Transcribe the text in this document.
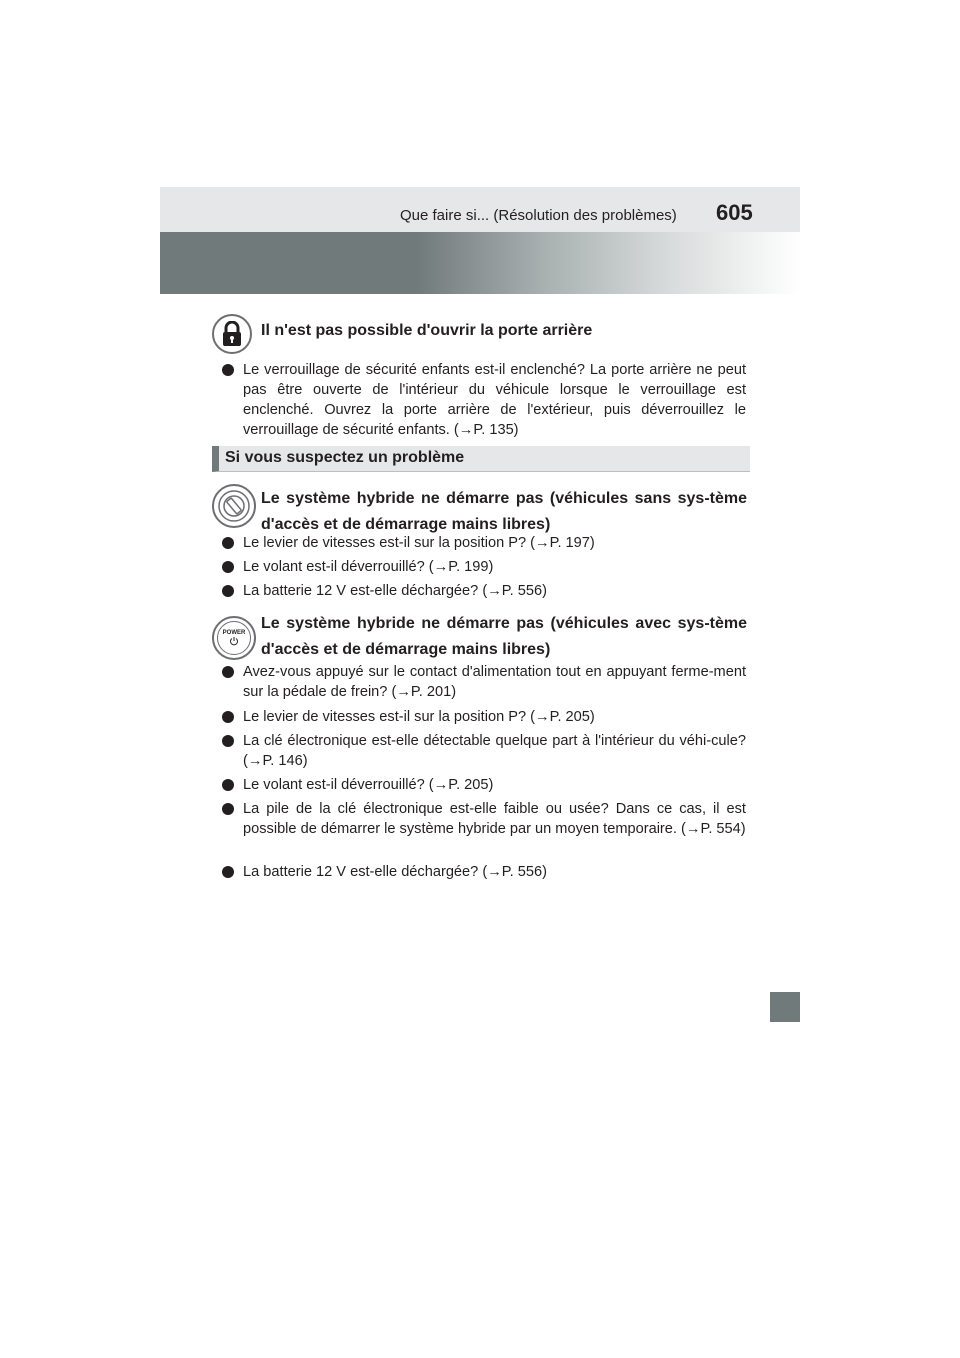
Que faire si... (Résolution des problèmes) 605
Il n'est pas possible d'ouvrir la porte arrière
Le verrouillage de sécurité enfants est-il enclenché? La porte arrière ne peut pas être ouverte de l'intérieur du véhicule lorsque le verrouillage est enclenché. Ouvrez la porte arrière de l'extérieur, puis déverrouillez le verrouillage de sécurité enfants. (→P. 135)
Si vous suspectez un problème
Le système hybride ne démarre pas (véhicules sans sys-tème d'accès et de démarrage mains libres)
Le levier de vitesses est-il sur la position P? (→P. 197)
Le volant est-il déverrouillé? (→P. 199)
La batterie 12 V est-elle déchargée? (→P. 556)
POWER
Le système hybride ne démarre pas (véhicules avec sys-tème d'accès et de démarrage mains libres)
Avez-vous appuyé sur le contact d'alimentation tout en appuyant ferme-ment sur la pédale de frein? (→P. 201)
Le levier de vitesses est-il sur la position P? (→P. 205)
La clé électronique est-elle détectable quelque part à l'intérieur du véhi-cule? (→P. 146)
Le volant est-il déverrouillé? (→P. 205)
La pile de la clé électronique est-elle faible ou usée? Dans ce cas, il est possible de démarrer le système hybride par un moyen temporaire. (→P. 554)
La batterie 12 V est-elle déchargée? (→P. 556)
